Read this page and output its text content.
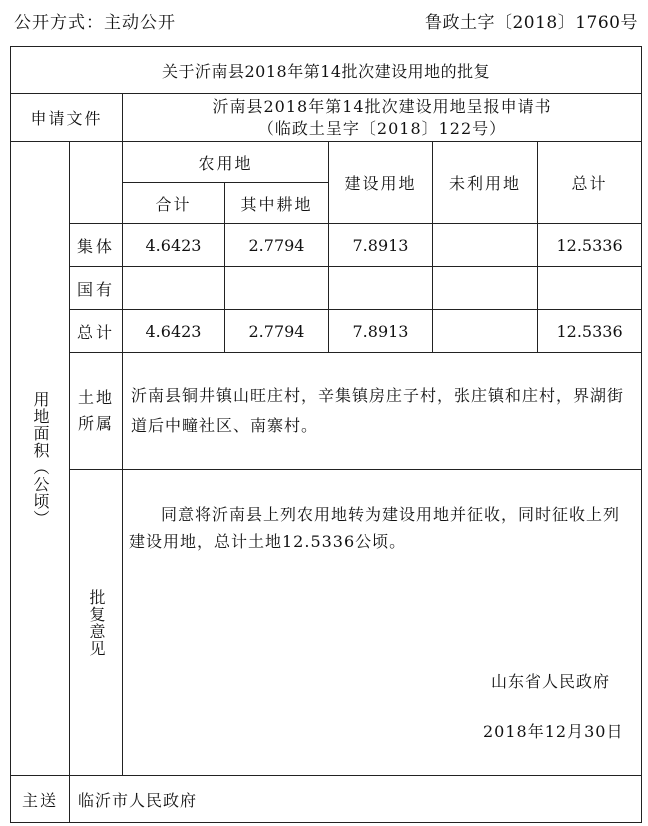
公开方式：主动公开	鲁政土字〔2018〕1760号
关于沂南县2018年第14批次建设用地的批复						
申请文件		沂南县2018年第14批次建设用地呈报申请书
（临政土呈字〔2018〕122号）				

用地面积（公顷）		农用地		建设用地	未利用地	总计
		合计	其中耕地			
	集体	4.6423	2.7794	7.8913		12.5336
	国有					
	总计	4.6423	2.7794	7.8913		12.5336

	土地所属	沂南县铜井镇山旺庄村，辛集镇房庄子村，张庄镇和庄村，界湖街道后中疃社区、南寨村。				

	批复意见	同意将沂南县上列农用地转为建设用地并征收，同时征收上列建设用地，总计土地12.5336公顷。
山东省人民政府
2018年12月30日				

主送	临沂市人民政府					
